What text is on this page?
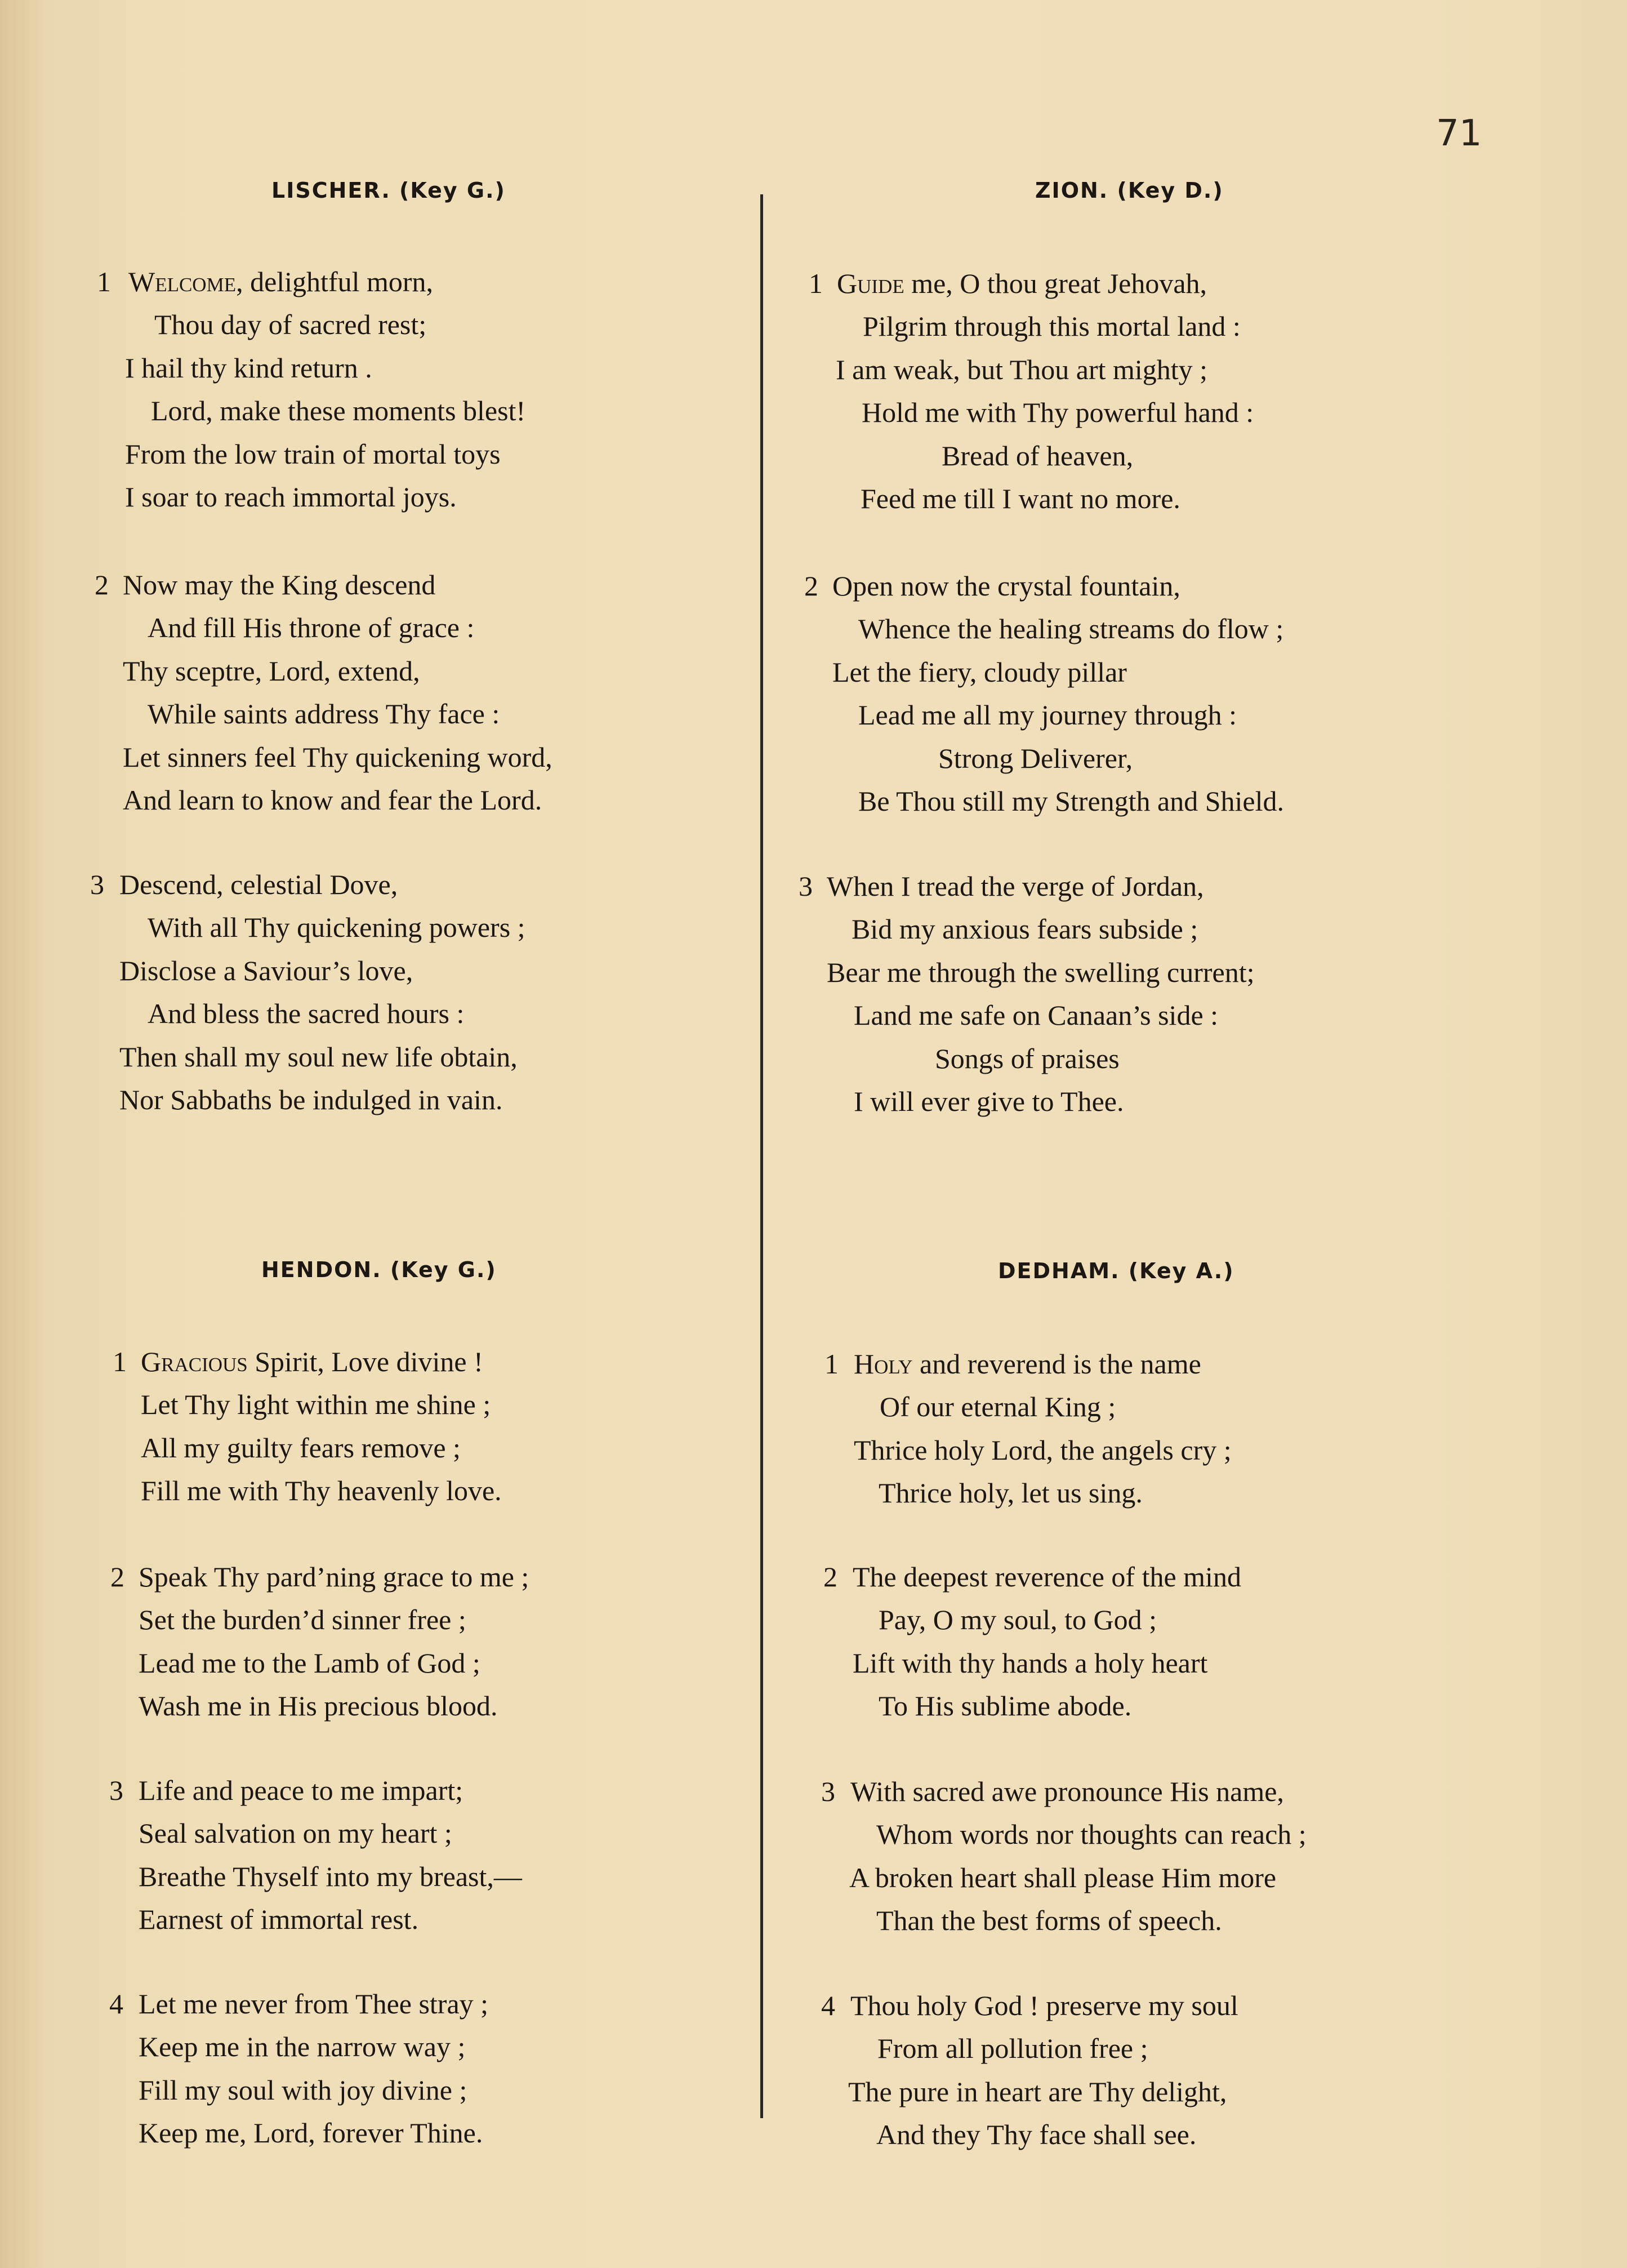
71
LISCHER. (Key G.)
1 Welcome, delightful morn,
Thou day of sacred rest;
I hail thy kind return .
Lord, make these moments blest!
From the low train of mortal toys
I soar to reach immortal joys.
2 Now may the King descend
And fill His throne of grace :
Thy sceptre, Lord, extend,
While saints address Thy face :
Let sinners feel Thy quickening word,
And learn to know and fear the Lord.
3 Descend, celestial Dove,
With all Thy quickening powers ;
Disclose a Saviour’s love,
And bless the sacred hours :
Then shall my soul new life obtain,
Nor Sabbaths be indulged in vain.
ZION. (Key D.)
1 Guide me, O thou great Jehovah,
Pilgrim through this mortal land :
I am weak, but Thou art mighty ;
Hold me with Thy powerful hand :
Bread of heaven,
Feed me till I want no more.
2 Open now the crystal fountain,
Whence the healing streams do flow ;
Let the fiery, cloudy pillar
Lead me all my journey through :
Strong Deliverer,
Be Thou still my Strength and Shield.
3 When I tread the verge of Jordan,
Bid my anxious fears subside ;
Bear me through the swelling current;
Land me safe on Canaan’s side :
Songs of praises
I will ever give to Thee.
HENDON. (Key G.)
1 Gracious Spirit, Love divine !
Let Thy light within me shine ;
All my guilty fears remove ;
Fill me with Thy heavenly love.
2 Speak Thy pard’ning grace to me ;
Set the burden’d sinner free ;
Lead me to the Lamb of God ;
Wash me in His precious blood.
3 Life and peace to me impart;
Seal salvation on my heart ;
Breathe Thyself into my breast,—
Earnest of immortal rest.
4 Let me never from Thee stray ;
Keep me in the narrow way ;
Fill my soul with joy divine ;
Keep me, Lord, forever Thine.
DEDHAM. (Key A.)
1 Holy and reverend is the name
Of our eternal King ;
Thrice holy Lord, the angels cry ;
Thrice holy, let us sing.
2 The deepest reverence of the mind
Pay, O my soul, to God ;
Lift with thy hands a holy heart
To His sublime abode.
3 With sacred awe pronounce His name,
Whom words nor thoughts can reach ;
A broken heart shall please Him more
Than the best forms of speech.
4 Thou holy God ! preserve my soul
From all pollution free ;
The pure in heart are Thy delight,
And they Thy face shall see.
